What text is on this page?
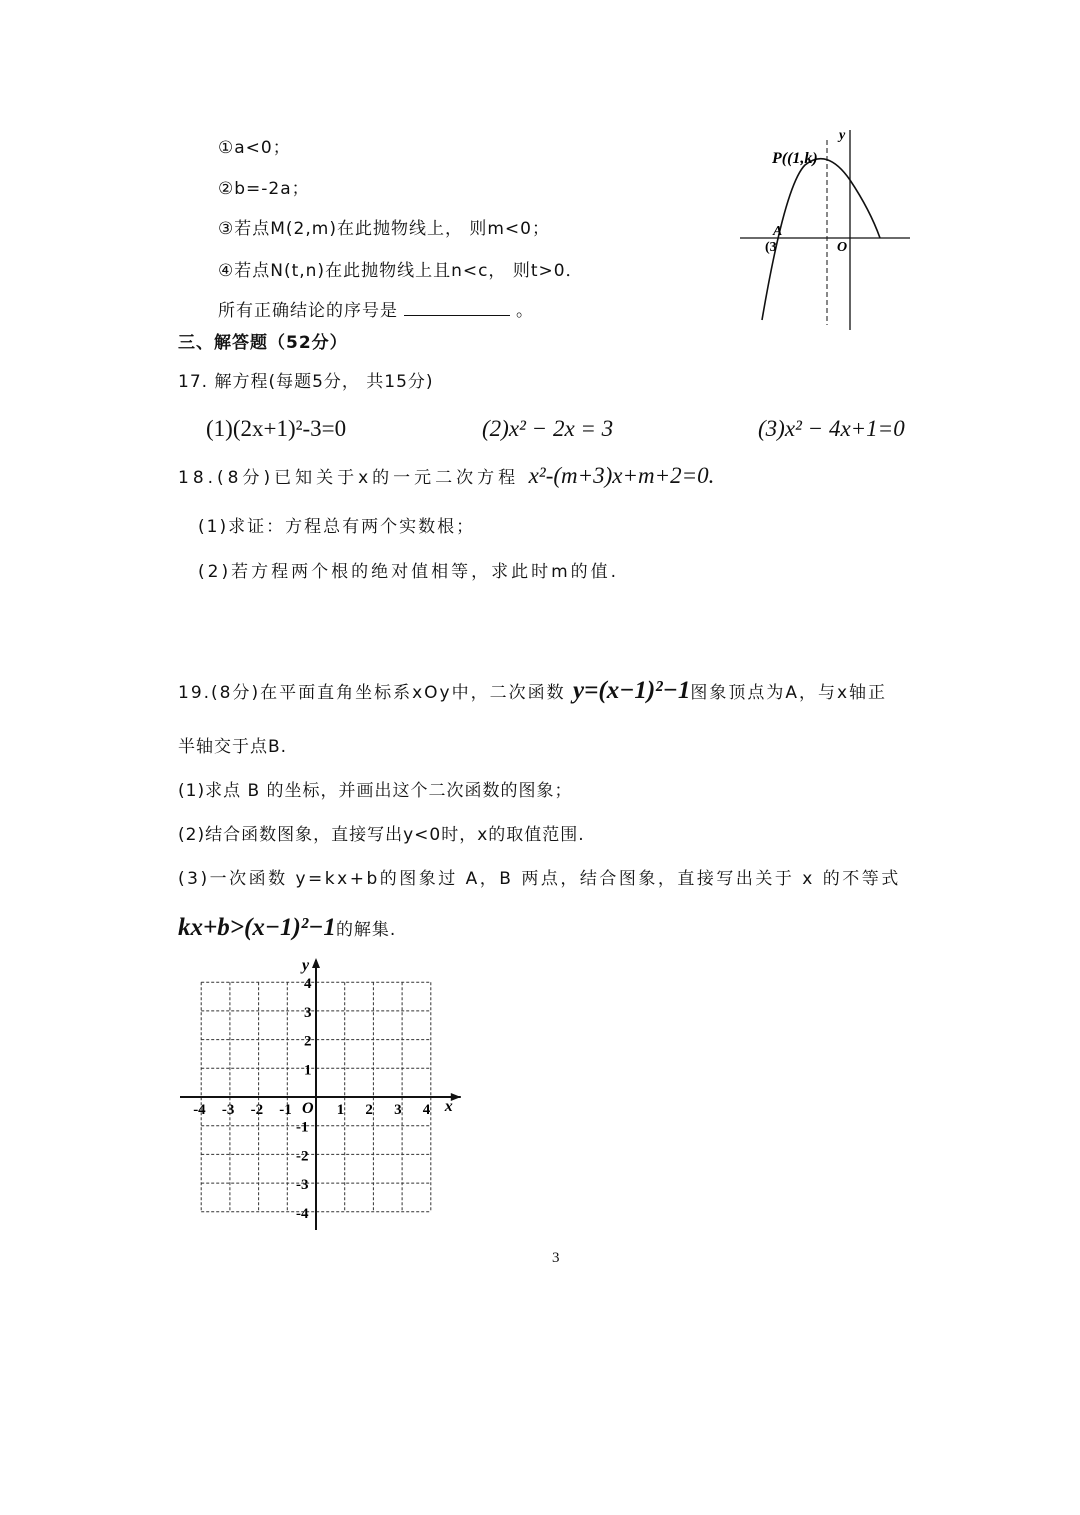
①a<0；
②b=-2a；
③若点M(2,m)在此抛物线上， 则m<0；
④若点N(t,n)在此抛物线上且n<c， 则t>0．
所有正确结论的序号是	。
P((1,k)
A
(3	O
y
三、解答题（52分）
17. 解方程(每题5分， 共15分)
(1)(2x+1)²-3=0	(2)x² − 2x = 3	(3)x² − 4x+1=0
18.(8分)已知关于x的一元二次方程 x²-(m+3)x+m+2=0.
(1)求证：方程总有两个实数根；
(2)若方程两个根的绝对值相等，求此时m的值.
19.(8分)在平面直角坐标系xOy中，二次函数 y=(x−1)²−1图象顶点为A，与x轴正
半轴交于点B.
(1)求点 B 的坐标，并画出这个二次函数的图象；
(2)结合函数图象，直接写出y<0时，x的取值范围.
(3)一次函数 y=kx+b的图象过 A，B 两点，结合图象，直接写出关于 x 的不等式
kx+b>(x−1)²−1的解集.
-4 -3 -2 -1	1 2 3 4
4
3
2
1
-1
-2
-3
-4
O	x
y
3
